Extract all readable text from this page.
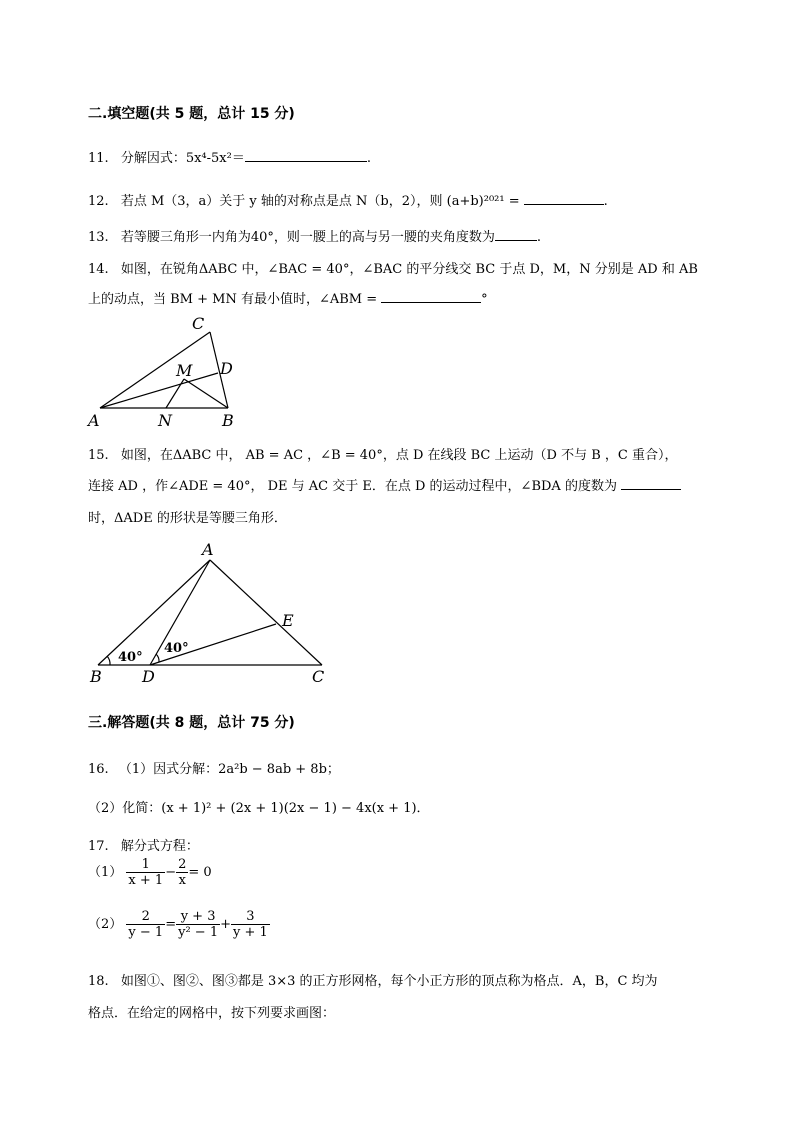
二.填空题(共 5 题，总计 15 分)
11. 分解因式：5x⁴-5x²＝	.
12. 若点 M（3，a）关于 y 轴的对称点是点 N（b，2），则 (a+b)²⁰²¹ =	.
13. 若等腰三角形一内角为40°，则一腰上的高与另一腰的夹角度数为	.
14. 如图，在锐角ΔABC 中，∠BAC = 40°，∠BAC 的平分线交 BC 于点 D，M，N 分别是 AD 和 AB
上的动点，当 BM + MN 有最小值时，∠ABM =	°
C
D
M
A	N	B
15. 如图，在ΔABC 中， AB = AC ，∠B = 40°，点 D 在线段 BC 上运动（D 不与 B ，C 重合），
连接 AD ，作∠ADE = 40°， DE 与 AC 交于 E．在点 D 的运动过程中，∠BDA 的度数为
时，ΔADE 的形状是等腰三角形．
A
E
B	D	C
40°
40°
三.解答题(共 8 题，总计 75 分)
16. （1）因式分解：2a²b − 8ab + 8b；
（2）化简：(x + 1)² + (2x + 1)(2x − 1) − 4x(x + 1)．
17. 解分式方程：
$(1) \frac{1}{x + 1} - \frac{2}{x} = 0$
$(2) \frac{2}{y - 1} = \frac{y + 3}{\text{y² − 1}} + \frac{3}{y + 1}$
18. 如图①、图②、图③都是 3×3 的正方形网格，每个小正方形的顶点称为格点．A，B，C 均为
格点．在给定的网格中，按下列要求画图：
